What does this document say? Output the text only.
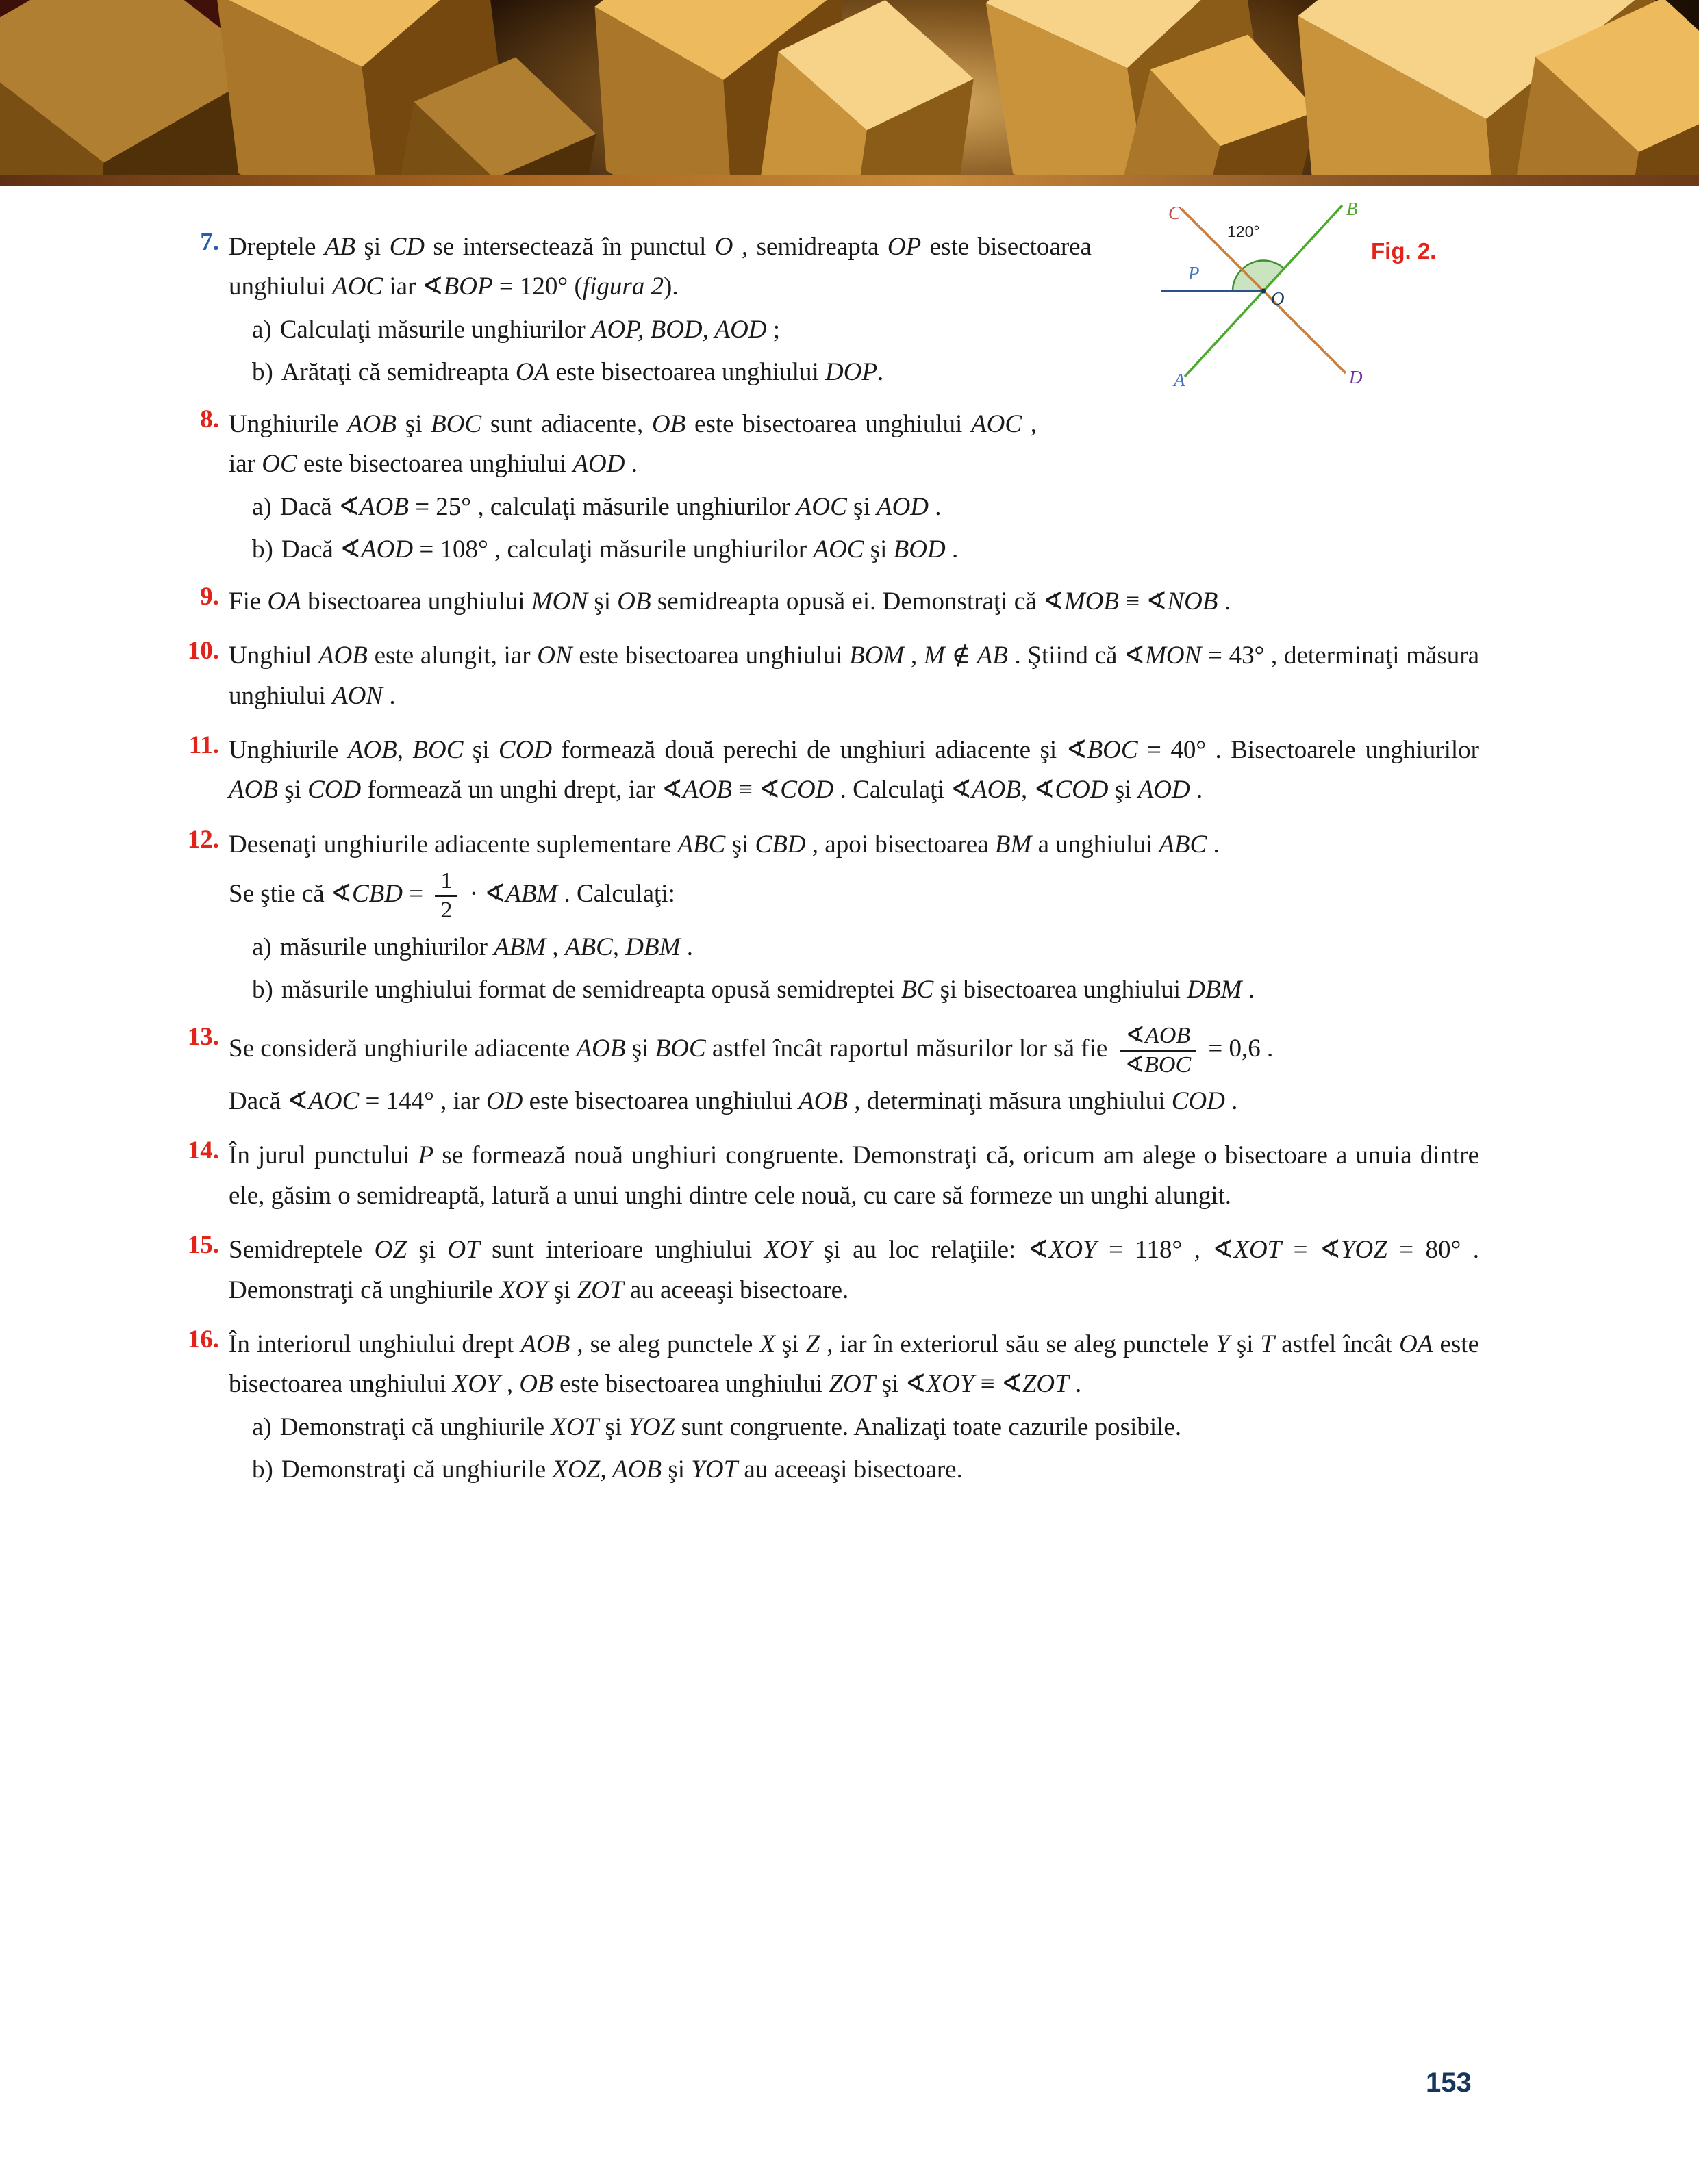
120°
C	B
P
O
A	D
Fig. 2.
7. Dreptele AB şi CD se intersectează în punctul O , semidreapta OP este bisectoarea unghiului AOC iar ∢BOP = 120° (figura 2).
a) Calculaţi măsurile unghiurilor AOP, BOD, AOD ;
b) Arătaţi că semidreapta OA este bisectoarea unghiului DOP.
8. Unghiurile AOB şi BOC sunt adiacente, OB este bisectoarea unghiului AOC , iar OC este bisectoarea unghiului AOD .
a) Dacă ∢AOB = 25° , calculaţi măsurile unghiurilor AOC şi AOD .
b) Dacă ∢AOD = 108° , calculaţi măsurile unghiurilor AOC şi BOD .
9. Fie OA bisectoarea unghiului MON şi OB semidreapta opusă ei. Demonstraţi că ∢MOB ≡ ∢NOB .
10. Unghiul AOB este alungit, iar ON este bisectoarea unghiului BOM , M ∉ AB . Ştiind că ∢MON = 43° , determinaţi măsura unghiului AON .
11. Unghiurile AOB, BOC şi COD formează două perechi de unghiuri adiacente şi ∢BOC = 40° . Bisectoarele unghiurilor AOB şi COD formează un unghi drept, iar ∢AOB ≡ ∢COD . Calculaţi ∢AOB, ∢COD şi AOD .
12. Desenaţi unghiurile adiacente suplementare ABC şi CBD , apoi bisectoarea BM a unghiului ABC .
Se ştie că ∢CBD = $\frac{1}{2}$ · ∢ABM . Calculaţi:
a) măsurile unghiurilor ABM , ABC, DBM .
b) măsurile unghiului format de semidreapta opusă semidreptei BC şi bisectoarea unghiului DBM .
13. Se consideră unghiurile adiacente AOB şi BOC astfel încât raportul măsurilor lor să fie $\frac{\text{∢AOB}}{\text{∢BOC}} = 0,6$ .
Dacă ∢AOC = 144° , iar OD este bisectoarea unghiului AOB , determinaţi măsura unghiului COD .
14. În jurul punctului P se formează nouă unghiuri congruente. Demonstraţi că, oricum am alege o bisectoare a unuia dintre ele, găsim o semidreaptă, latură a unui unghi dintre cele nouă, cu care să formeze un unghi alungit.
15. Semidreptele OZ şi OT sunt interioare unghiului XOY şi au loc relaţiile: ∢XOY = 118° , ∢XOT = ∢YOZ = 80° . Demonstraţi că unghiurile XOY şi ZOT au aceeaşi bisectoare.
16. În interiorul unghiului drept AOB , se aleg punctele X şi Z , iar în exteriorul său se aleg punctele Y şi T astfel încât OA este bisectoarea unghiului XOY , OB este bisectoarea unghiului ZOT şi ∢XOY ≡ ∢ZOT .
a) Demonstraţi că unghiurile XOT şi YOZ sunt congruente. Analizaţi toate cazurile posibile.
b) Demonstraţi că unghiurile XOZ, AOB şi YOT au aceeaşi bisectoare.
153
